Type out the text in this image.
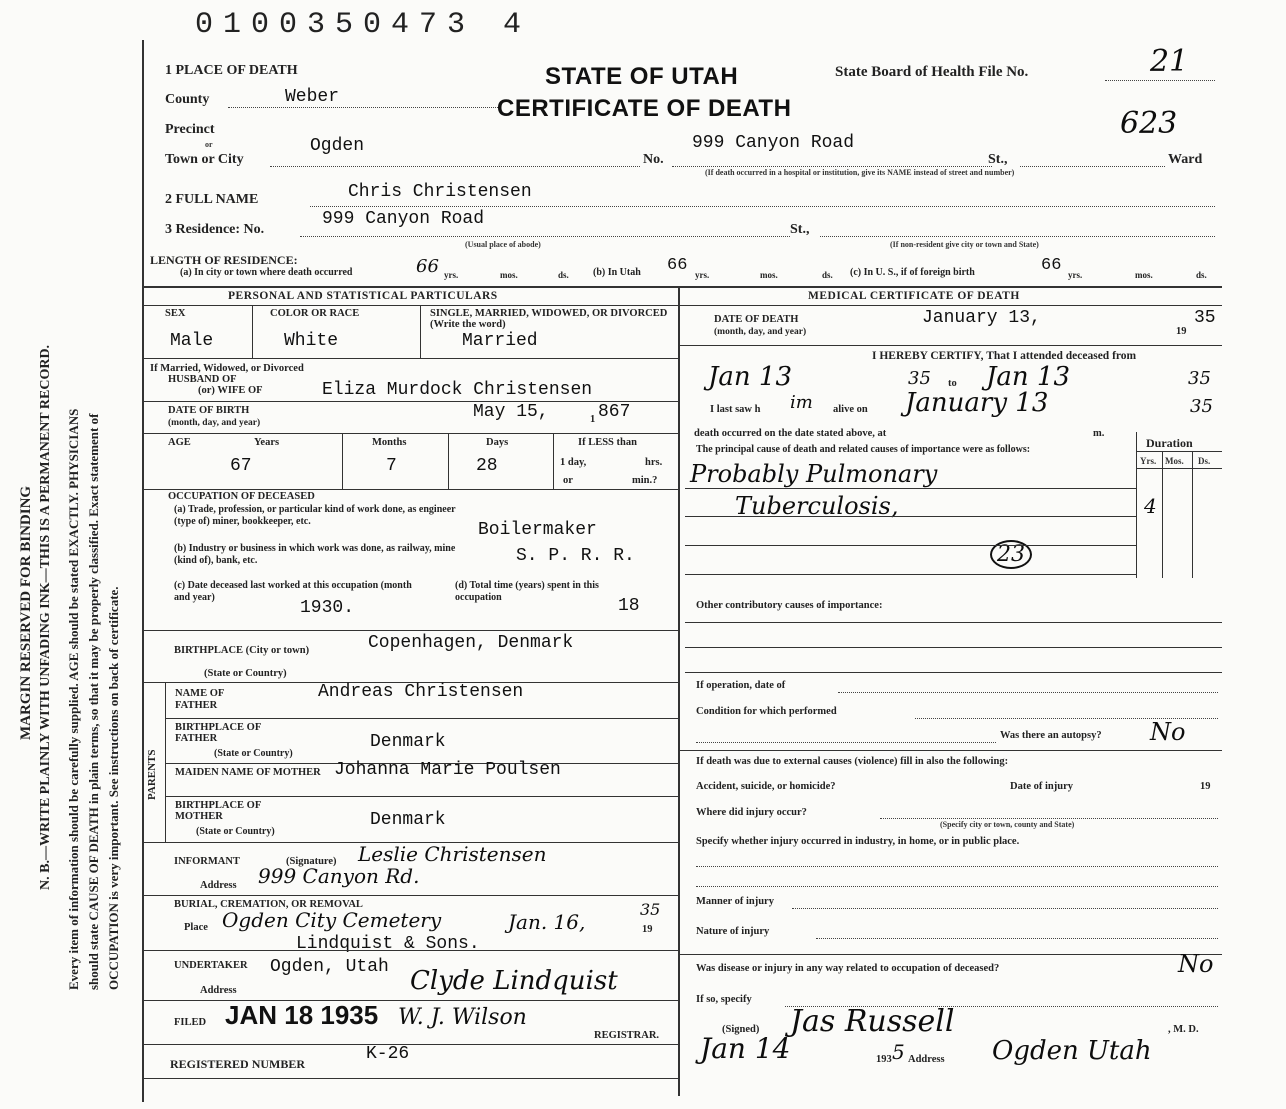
0100350473 4
MARGIN RESERVED FOR BINDING N. B.—WRITE PLAINLY WITH UNFADING INK—THIS IS A PERMANENT RECORD. Every item of information should be carefully supplied. AGE should be stated EXACTLY. PHYSICIANS should state CAUSE OF DEATH in plain terms, so that it may be properly classified. Exact statement of OCCUPATION is very important. See instructions on back of certificate.
STATE OF UTAH
CERTIFICATE OF DEATH
State Board of Health File No.	21
623
1 PLACE OF DEATH
County	Weber
Precinct
or
Town or City
Ogden
No.
999 Canyon Road
St.,	Ward
(If death occurred in a hospital or institution, give its NAME instead of street and number)
2 FULL NAME	Chris Christensen
3 Residence: No.
999 Canyon Road
St.,
(Usual place of abode)	(If non-resident give city or town and State)
LENGTH OF RESIDENCE:
(a) In city or town where death occurred	66 yrs.	mos.	ds. (b) In Utah 66 yrs.	mos.	ds. (c) In U. S., if of foreign birth	66 yrs.	mos.	ds.
PERSONAL AND STATISTICAL PARTICULARS	MEDICAL CERTIFICATE OF DEATH
SEX
Male
COLOR OR RACE
White
SINGLE, MARRIED, WIDOWED, OR DIVORCED (Write the word)
Married
If Married, Widowed, or Divorced
HUSBAND OF
(or) WIFE OF	Eliza Murdock Christensen
DATE OF BIRTH
(month, day, and year)
May 15,	1 867
AGE	Years	Months	Days	If LESS than
67	7	28	1 day,	hrs.
or	min.?
OCCUPATION OF DECEASED
(a) Trade, profession, or particular kind of work done, as engineer (type of) miner, bookkeeper, etc.	Boilermaker
(b) Industry or business in which work was done, as railway, mine (kind of), bank, etc.	S. P. R. R.
(c) Date deceased last worked at this occupation (month and year)
1930.
(d) Total time (years) spent in this occupation	18
BIRTHPLACE (City or town)	Copenhagen, Denmark
(State or Country)
PARENTS
NAME OF FATHER
Andreas Christensen
BIRTHPLACE OF FATHER
(State or Country)
Denmark
MAIDEN NAME OF MOTHER Johanna Marie Poulsen
BIRTHPLACE OF MOTHER
(State or Country)
Denmark
INFORMANT	(Signature) Leslie Christensen
Address 999 Canyon Rd.
BURIAL, CREMATION, OR REMOVAL
Place Ogden City Cemetery	Jan. 16,	19
35
Lindquist & Sons.
UNDERTAKER Ogden, Utah Clyde Lindquist
Address
FILED JAN 18 1935 W. J. Wilson
REGISTRAR.
REGISTERED NUMBER	K-26
DATE OF DEATH
(month, day, and year)
January 13,
19
35
I HEREBY CERTIFY, That I attended deceased from
Jan 13	35 to Jan 13	35
I last saw h im alive on January 13	35
death occurred on the date stated above, at	m.
The principal cause of death and related causes of importance were as follows:	Duration
Yrs. Mos. Ds.
Probably Pulmonary
Tuberculosis,	4
23
Other contributory causes of importance:
If operation, date of
Condition for which performed
Was there an autopsy? No
If death was due to external causes (violence) fill in also the following:
Accident, suicide, or homicide?	Date of injury	19
Where did injury occur?
(Specify city or town, county and State)
Specify whether injury occurred in industry, in home, or in public place.
Manner of injury
Nature of injury
Was disease or injury in any way related to occupation of deceased?	No
If so, specify
(Signed) Jas Russell	, M. D.
Jan 14	193 5 Address Ogden Utah
